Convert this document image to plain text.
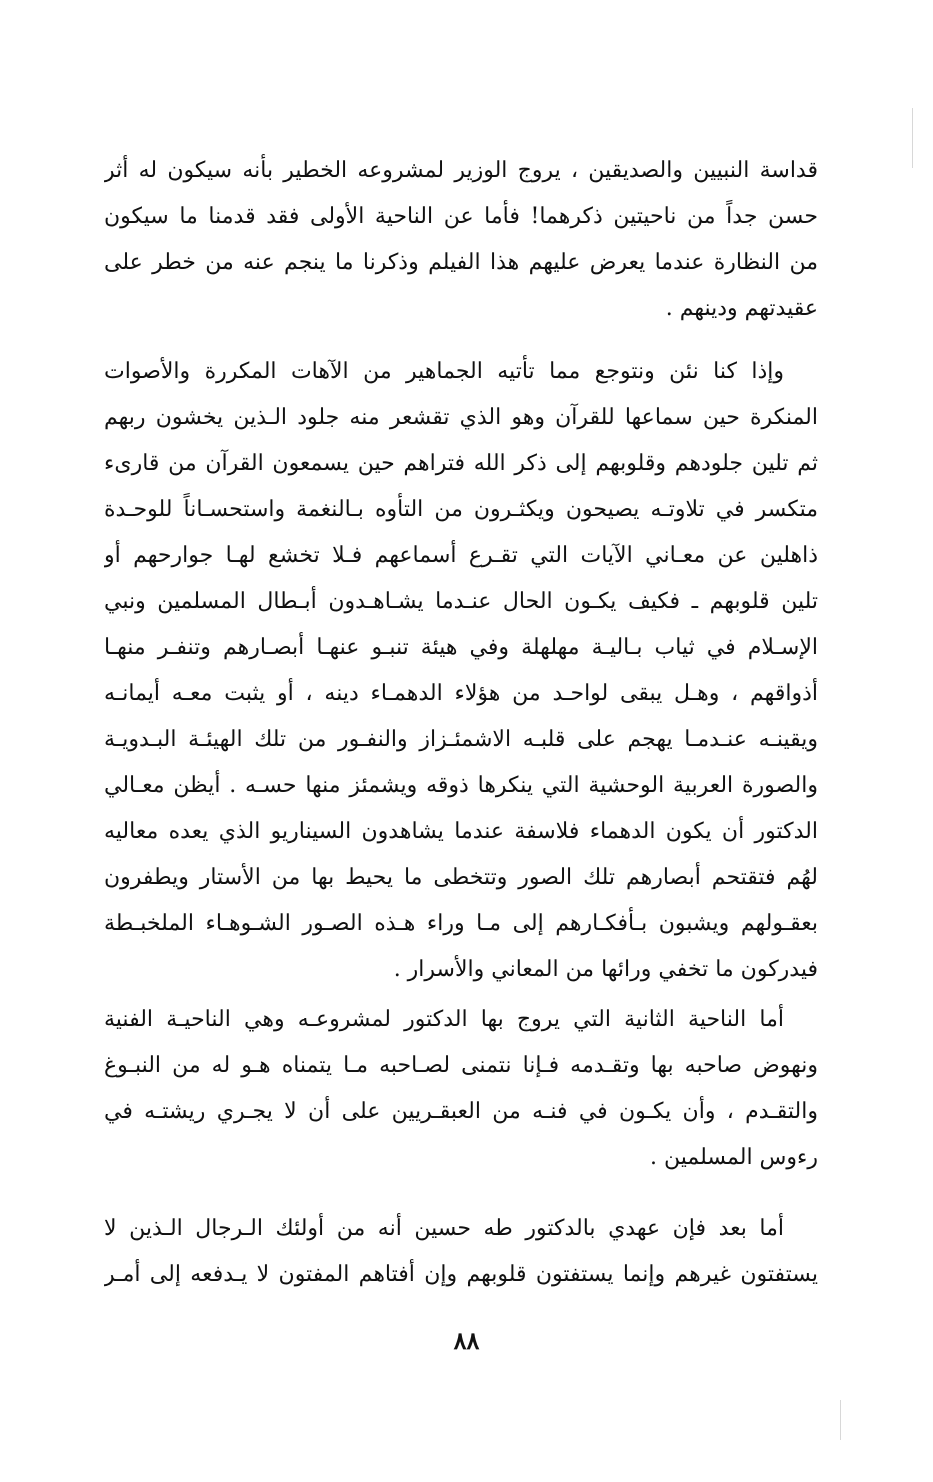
قداسة النبيين والصديقين ، يروج الوزير لمشروعه الخطير بأنه سيكون له أثر
حسن جداً من ناحيتين ذكرهما! فأما عن الناحية الأولى فقد قدمنا ما سيكون
من النظارة عندما يعرض عليهم هذا الفيلم وذكرنا ما ينجم عنه من خطر على
عقيدتهم ودينهم .
وإذا كنا نئن ونتوجع مما تأتيه الجماهير من الآهات المكررة والأصوات
المنكرة حين سماعها للقرآن وهو الذي تقشعر منه جلود الـذين يخشون ربهم
ثم تلين جلودهم وقلوبهم إلى ذكر الله فتراهم حين يسمعون القرآن من قارىء
متكسر في تلاوتـه يصيحون ويكثـرون من التأوه بـالنغمة واستحسـاناً للوحـدة
ذاهلين عن معـاني الآيات التي تقـرع أسماعهم فـلا تخشع لهـا جوارحهم أو
تلين قلوبهم ـ فكيف يكـون الحال عنـدما يشـاهـدون أبـطال المسلمين ونبي
الإسـلام في ثياب بـاليـة مهلهلة وفي هيئة تنبـو عنهـا أبصـارهم وتنفـر منهـا
أذواقهم ، وهـل يبقى لواحـد من هؤلاء الدهمـاء دينه ، أو يثبت معـه أيمانـه
ويقينـه عنـدمـا يهجم على قلبـه الاشمئـزاز والنفـور من تلك الهيئـة البـدويـة
والصورة العربية الوحشية التي ينكرها ذوقه ويشمئز منها حسـه . أيظن معـالي
الدكتور أن يكون الدهماء فلاسفة عندما يشاهدون السيناريو الذي يعده معاليه
لهُم فتقتحم أبصارهم تلك الصور وتتخطى ما يحيط بها من الأستار ويطفرون
بعقـولهم ويشبون بـأفكـارهم إلى مـا وراء هـذه الصـور الشـوهـاء الملخبـطة
فيدركون ما تخفي ورائها من المعاني والأسرار .
أما الناحية الثانية التي يروج بها الدكتور لمشروعـه وهي الناحيـة الفنية
ونهوض صاحبه بها وتقـدمه فـإنا نتمنى لصـاحبه مـا يتمناه هـو له من النبـوغ
والتقـدم ، وأن يكـون في فنـه من العبقـريين على أن لا يجـري ريشتـه في
رءوس المسلمين .
أما بعد فإن عهدي بالدكتور طه حسين أنه من أولئك الـرجال الـذين لا
يستفتون غيرهم وإنما يستفتون قلوبهم وإن أفتاهم المفتون لا يـدفعه إلى أمـر
٨٨
